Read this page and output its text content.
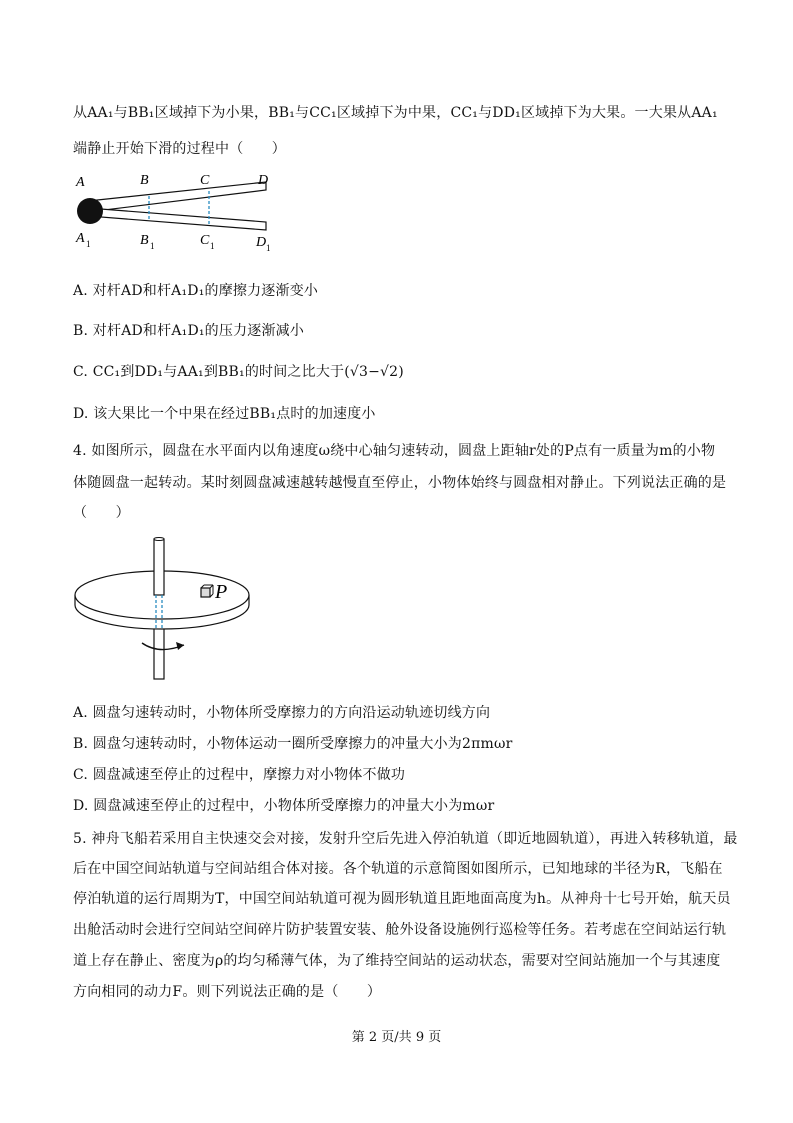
从AA₁与BB₁区域掉下为小果，BB₁与CC₁区域掉下为中果，CC₁与DD₁区域掉下为大果。一大果从AA₁
端静止开始下滑的过程中（　　）
A	B	C	D
A 1	B 1	C 1	D 1
A. 对杆AD和杆A₁D₁的摩擦力逐渐变小
B. 对杆AD和杆A₁D₁的压力逐渐减小
C. CC₁到DD₁与AA₁到BB₁的时间之比大于(√3−√2)
D. 该大果比一个中果在经过BB₁点时的加速度小
4. 如图所示，圆盘在水平面内以角速度ω绕中心轴匀速转动，圆盘上距轴r处的P点有一质量为m的小物
体随圆盘一起转动。某时刻圆盘减速越转越慢直至停止，小物体始终与圆盘相对静止。下列说法正确的是
（　　）
P
A. 圆盘匀速转动时，小物体所受摩擦力的方向沿运动轨迹切线方向
B. 圆盘匀速转动时，小物体运动一圈所受摩擦力的冲量大小为2πmωr
C. 圆盘减速至停止的过程中，摩擦力对小物体不做功
D. 圆盘减速至停止的过程中，小物体所受摩擦力的冲量大小为mωr
5. 神舟飞船若采用自主快速交会对接，发射升空后先进入停泊轨道（即近地圆轨道），再进入转移轨道，最
后在中国空间站轨道与空间站组合体对接。各个轨道的示意简图如图所示，已知地球的半径为R，飞船在
停泊轨道的运行周期为T，中国空间站轨道可视为圆形轨道且距地面高度为h。从神舟十七号开始，航天员
出舱活动时会进行空间站空间碎片防护装置安装、舱外设备设施例行巡检等任务。若考虑在空间站运行轨
道上存在静止、密度为ρ的均匀稀薄气体，为了维持空间站的运动状态，需要对空间站施加一个与其速度
方向相同的动力F。则下列说法正确的是（　　）
第 2 页/共 9 页
